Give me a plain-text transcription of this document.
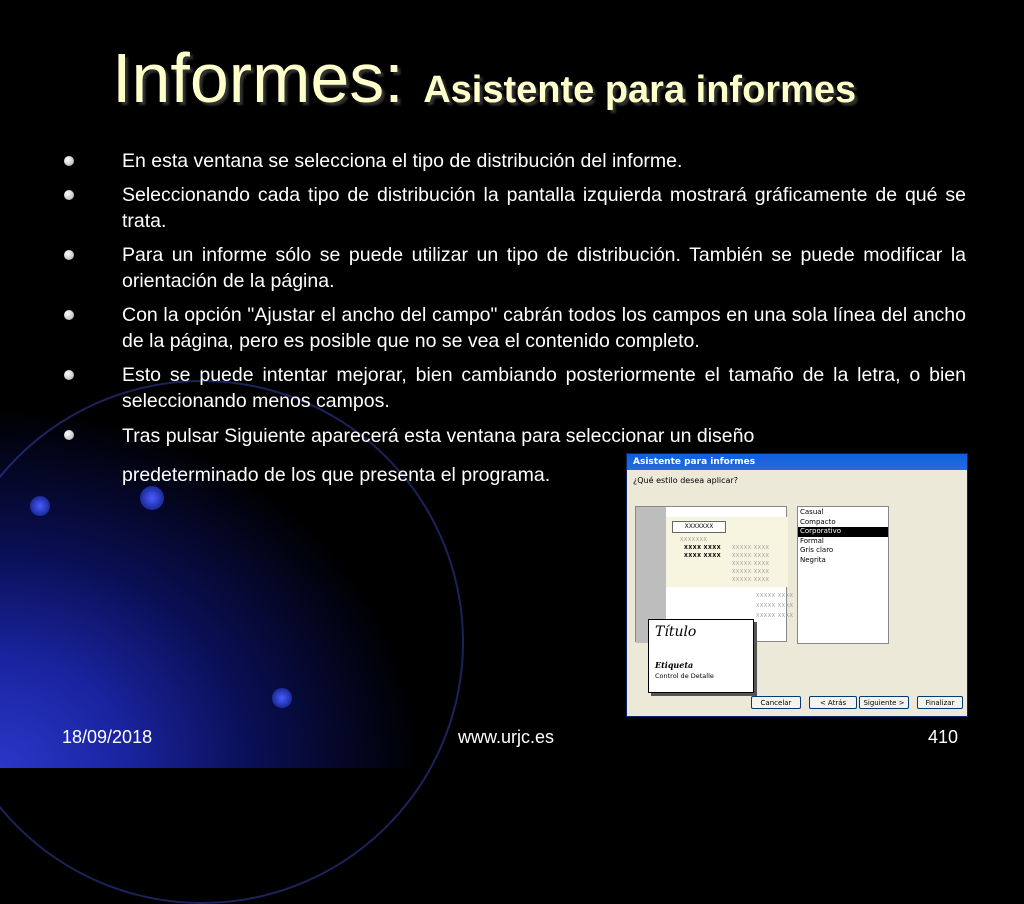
Informes: Asistente para informes
En esta ventana se selecciona el tipo de distribución del informe.
Seleccionando cada tipo de distribución la pantalla izquierda mostrará gráficamente de qué se trata.
Para un informe sólo se puede utilizar un tipo de distribución. También se puede modificar la orientación de la página.
Con la opción "Ajustar el ancho del campo" cabrán todos los campos en una sola línea del ancho de la página, pero es posible que no se vea el contenido completo.
Esto se puede intentar mejorar, bien cambiando posteriormente el tamaño de la letra, o bien seleccionando menos campos.
Tras pulsar Siguiente aparecerá esta ventana para seleccionar un diseño
predeterminado de los que presenta el programa.
Asistente para informes
¿Qué estilo desea aplicar?
XXXXXXX
XXXXXXX
XXXX XXXX
XXXX XXXX
XXXXX XXXX
XXXXX XXXX
XXXXX XXXX
XXXXX XXXX
XXXXX XXXX
XXXXX XXXX
XXXXX XXXX
XXXXX XXXX
Título
Etiqueta
Control de Detalle
Casual
Compacto
Corporativo
Formal
Gris claro
Negrita
Cancelar	< Atrás	Siguiente >	Finalizar
18/09/2018	www.urjc.es	410
